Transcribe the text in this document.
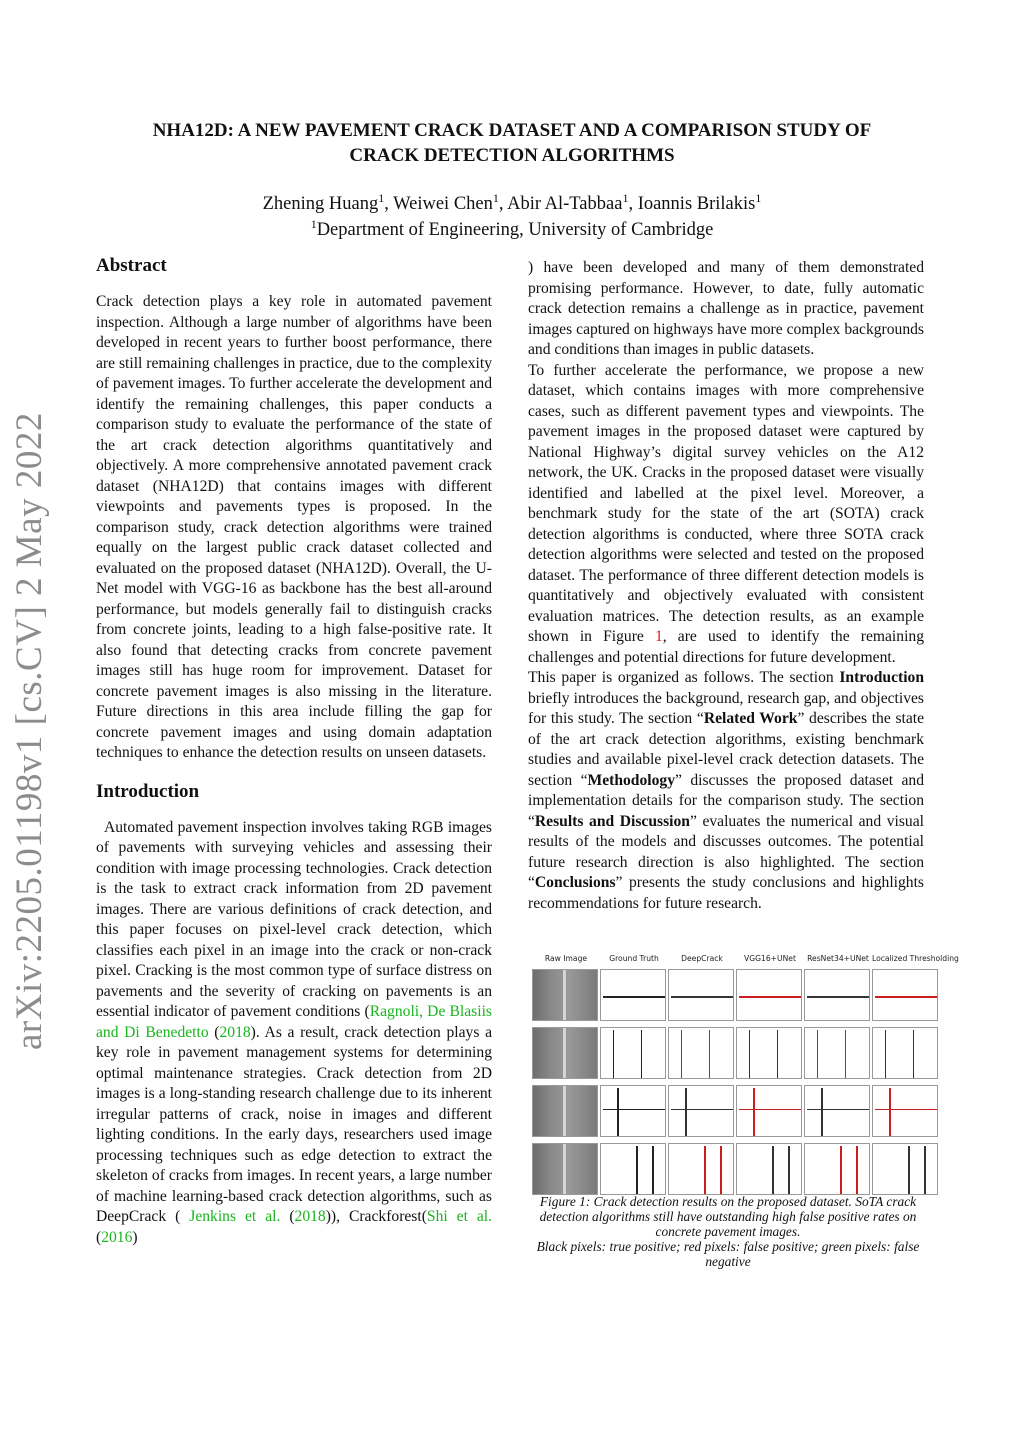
arXiv:2205.01198v1 [cs.CV] 2 May 2022
NHA12D: A NEW PAVEMENT CRACK DATASET AND A COMPARISON STUDY OF
CRACK DETECTION ALGORITHMS
Zhening Huang$^1$, Weiwei Chen$^1$, Abir Al-Tabbaa$^1$, Ioannis Brilakis$^1$
$^1$Department of Engineering, University of Cambridge
Abstract

Crack detection plays a key role in automated pavement inspection. Although a large number of algorithms have been developed in recent years to further boost performance, there are still remaining challenges in practice, due to the complexity of pavement images. To further accelerate the development and identify the remaining challenges, this paper conducts a comparison study to evaluate the performance of the state of the art crack detection algorithms quantitatively and objectively. A more comprehensive annotated pavement crack dataset (NHA12D) that contains images with different viewpoints and pavements types is proposed. In the comparison study, crack detection algorithms were trained equally on the largest public crack dataset collected and evaluated on the proposed dataset (NHA12D). Overall, the U-Net model with VGG-16 as backbone has the best all-around performance, but models generally fail to distinguish cracks from concrete joints, leading to a high false-positive rate. It also found that detecting cracks from concrete pavement images still has huge room for improvement. Dataset for concrete pavement images is also missing in the literature. Future directions in this area include filling the gap for concrete pavement images and using domain adaptation techniques to enhance the detection results on unseen datasets.

Introduction

Automated pavement inspection involves taking RGB images of pavements with surveying vehicles and assessing their condition with image processing technologies. Crack detection is the task to extract crack information from 2D pavement images. There are various definitions of crack detection, and this paper focuses on pixel-level crack detection, which classifies each pixel in an image into the crack or non-crack pixel. Cracking is the most common type of surface distress on pavements and the severity of cracking on pavements is an essential indicator of pavement conditions (Ragnoli, De Blasiis and Di Benedetto (2018). As a result, crack detection plays a key role in pavement management systems for determining optimal maintenance strategies. Crack detection from 2D images is a long-standing research challenge due to its inherent irregular patterns of crack, noise in images and different lighting conditions. In the early days, researchers used image processing techniques such as edge detection to extract the skeleton of cracks from images. In recent years, a large number of machine learning-based crack detection algorithms, such as DeepCrack ( Jenkins et al. (2018)), Crackforest(Shi et al. (2016)

) have been developed and many of them demonstrated promising performance. However, to date, fully automatic crack detection remains a challenge as in practice, pavement images captured on highways have more complex backgrounds and conditions than images in public datasets.

To further accelerate the performance, we propose a new dataset, which contains images with more comprehensive cases, such as different pavement types and viewpoints. The pavement images in the proposed dataset were captured by National Highway’s digital survey vehicles on the A12 network, the UK. Cracks in the proposed dataset were visually identified and labelled at the pixel level. Moreover, a benchmark study for the state of the art (SOTA) crack detection algorithms is conducted, where three SOTA crack detection algorithms were selected and tested on the proposed dataset. The performance of three different detection models is quantitatively and objectively evaluated with consistent evaluation matrices. The detection results, as an example shown in Figure 1, are used to identify the remaining challenges and potential directions for future development.

This paper is organized as follows. The section Introduction briefly introduces the background, research gap, and objectives for this study. The section “Related Work” describes the state of the art crack detection algorithms, existing benchmark studies and available pixel-level crack detection datasets. The section “Methodology” discusses the proposed dataset and implementation details for the comparison study. The section “Results and Discussion” evaluates the numerical and visual results of the models and discusses outcomes. The potential future research direction is also highlighted. The section “Conclusions” presents the study conclusions and highlights recommendations for future research.

Raw Image	Ground Truth	DeepCrack	VGG16+UNet	ResNet34+UNet Localized Thresholding
Figure 1: Crack detection results on the proposed dataset. SoTA crack detection algorithms still have outstanding high false positive rates on concrete pavement images.
Black pixels: true positive; red pixels: false positive; green pixels: false negative
